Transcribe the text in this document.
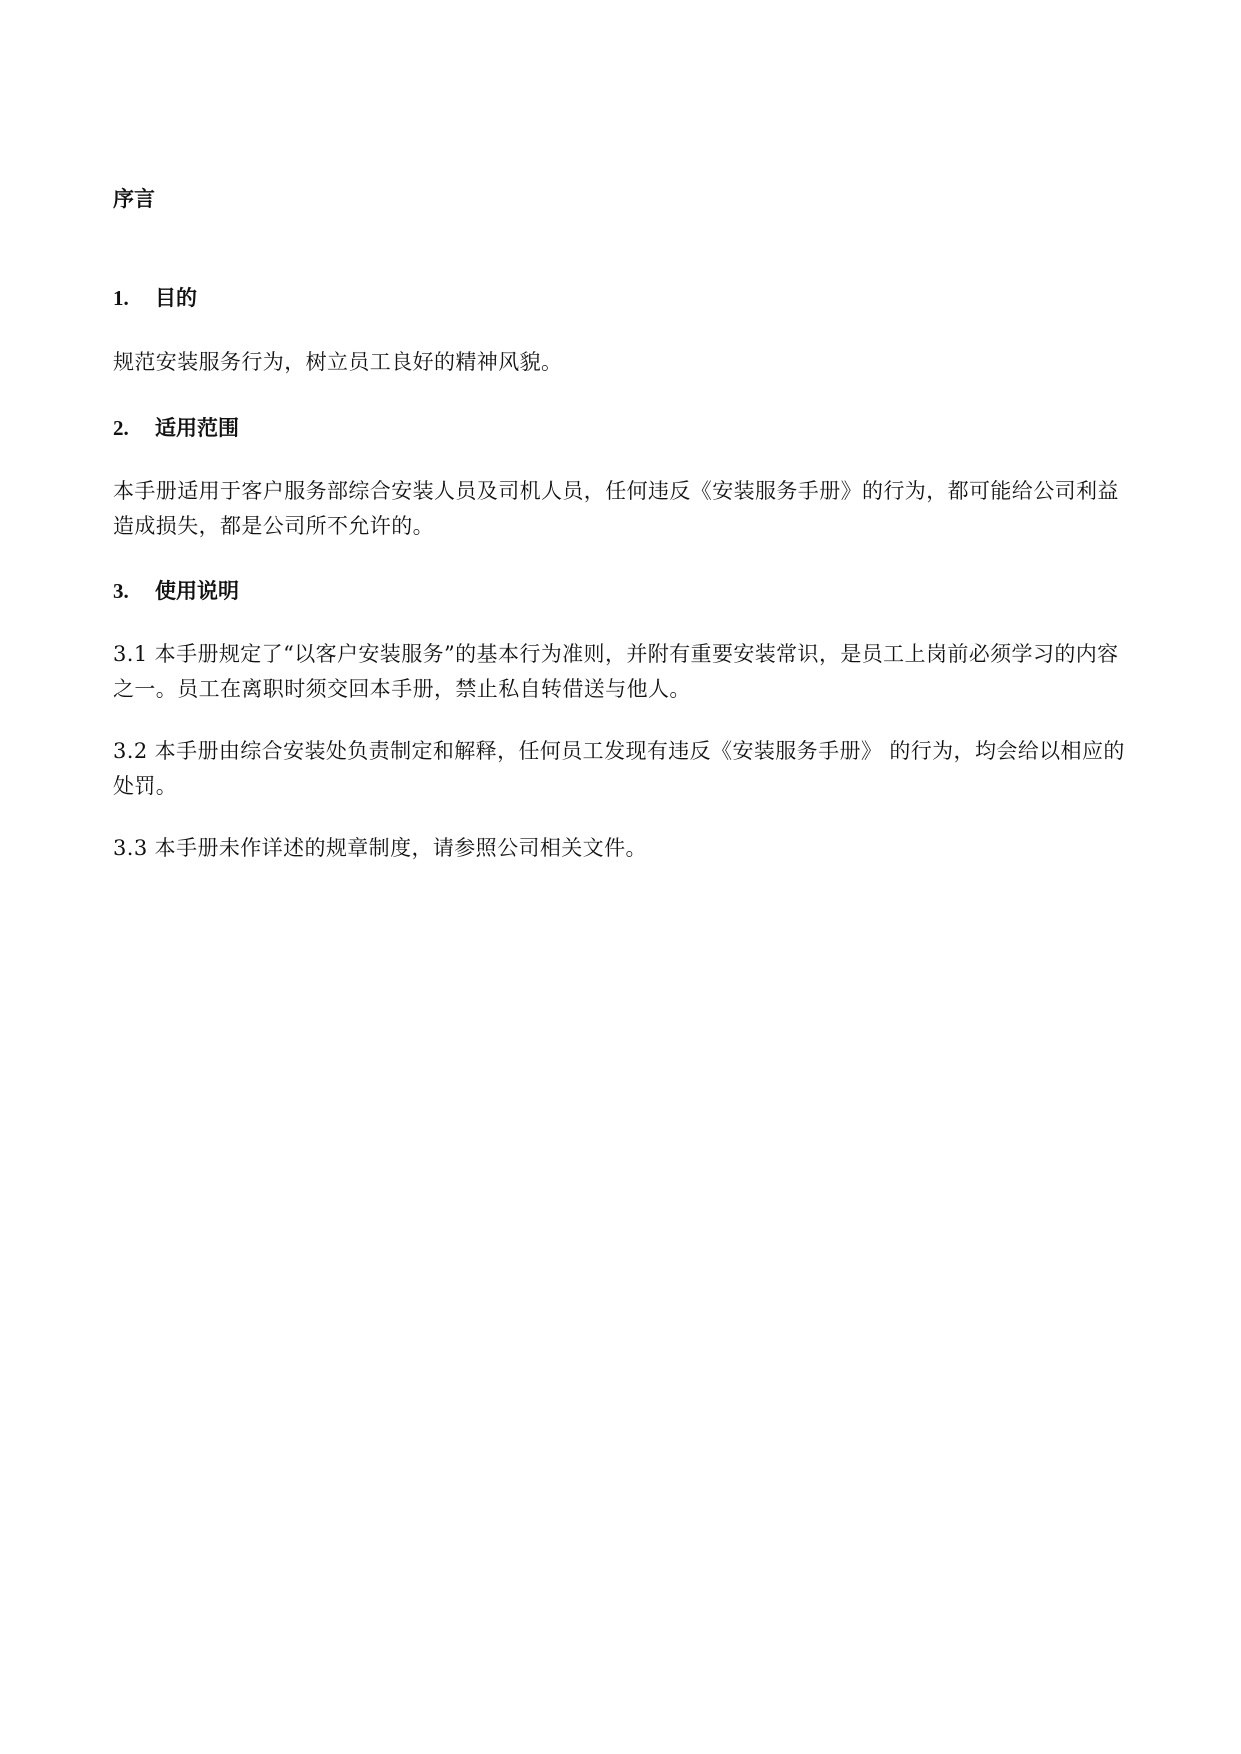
序言
1. 目的

规范安装服务行为，树立员工良好的精神风貌。

2. 适用范围

本手册适用于客户服务部综合安装人员及司机人员，任何违反《安装服务手册》的行为，都可能给公司利益造成损失，都是公司所不允许的。

3. 使用说明

3.1 本手册规定了“以客户安装服务”的基本行为准则，并附有重要安装常识，是员工上岗前必须学习的内容之一。员工在离职时须交回本手册，禁止私自转借送与他人。

3.2 本手册由综合安装处负责制定和解释，任何员工发现有违反《安装服务手册》 的行为，均会给以相应的处罚。

3.3 本手册未作详述的规章制度，请参照公司相关文件。
